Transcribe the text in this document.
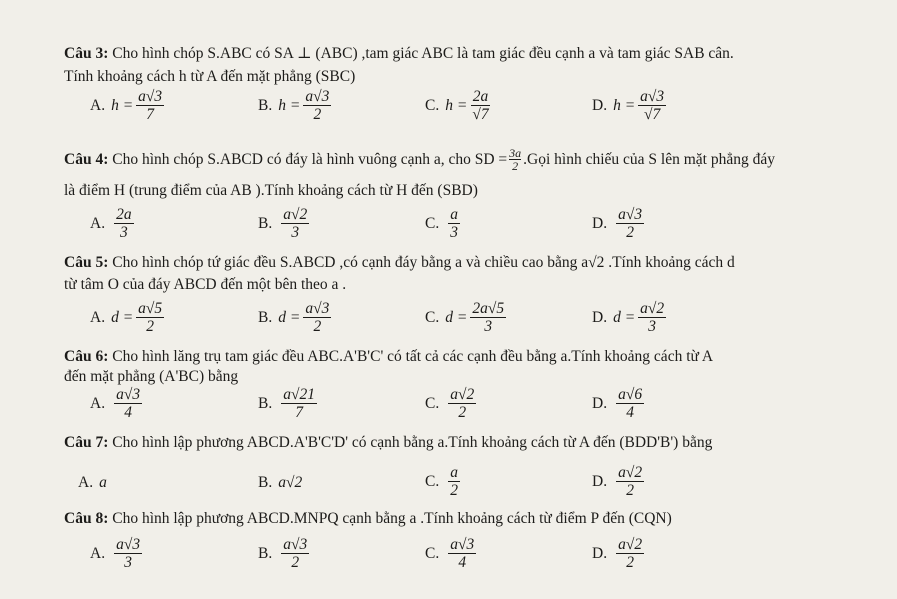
Câu 3: Cho hình chóp S.ABC có SA ⊥ (ABC) ,tam giác ABC là tam giác đều cạnh a và tam giác SAB cân.
Tính khoảng cách h từ A đến mặt phẳng (SBC)
A. $h = \frac{a√3}{7}$	B. $h = \frac{a√3}{2}$	C. $h = \frac{2a}{√7}$	D. $h = \frac{a√3}{√7}$
Câu 4:
Cho hình chóp S.ABCD có đáy là hình vuông cạnh a, cho SD = $\frac{3a}{2}$ .Gọi hình chiếu của S lên mặt phẳng đáy
là điểm H (trung điểm của AB ).Tính khoảng cách từ H đến (SBD)
A. $\frac{2a}{3}$	B. $\frac{a√2}{3}$	C. $\frac{a}{3}$	D. $\frac{a√3}{2}$
Câu 5: Cho hình chóp tứ giác đều S.ABCD ,có cạnh đáy bằng a và chiều cao bằng a√2 .Tính khoảng cách d
từ tâm O của đáy ABCD đến một bên theo a .
A. $d = \frac{a√5}{2}$	B. $d = \frac{a√3}{2}$	C. $d = \frac{2a√5}{3}$	D. $d = \frac{a√2}{3}$
Câu 6: Cho hình lăng trụ tam giác đều ABC.A'B'C' có tất cả các cạnh đều bằng a.Tính khoảng cách từ A
đến mặt phẳng (A'BC) bằng
A. $\frac{a√3}{4}$	B. $\frac{a√21}{7}$	C. $\frac{a√2}{2}$	D. $\frac{a√6}{4}$
Câu 7: Cho hình lập phương ABCD.A'B'C'D' có cạnh bằng a.Tính khoảng cách từ A đến (BDD'B') bằng
A. a	B. a√2	C. $\frac{a}{2}$	D. $\frac{a√2}{2}$
Câu 8: Cho hình lập phương ABCD.MNPQ cạnh bằng a .Tính khoảng cách từ điểm P đến (CQN)
A. $\frac{a√3}{3}$	B. $\frac{a√3}{2}$	C. $\frac{a√3}{4}$	D. $\frac{a√2}{2}$
